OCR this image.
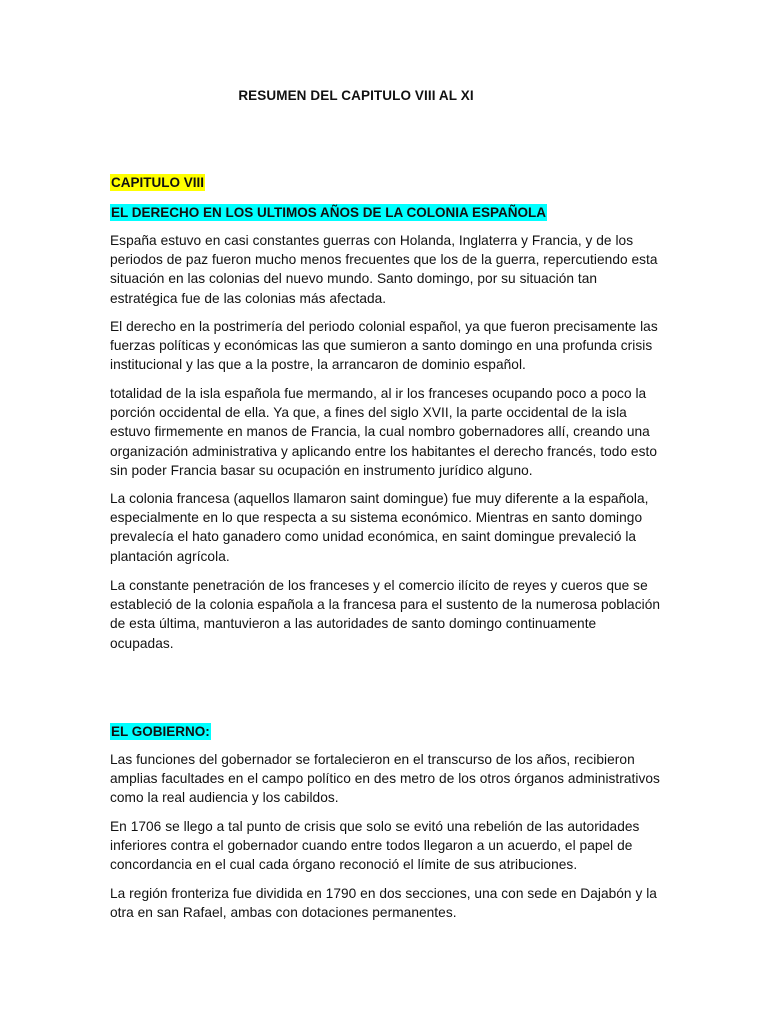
RESUMEN DEL CAPITULO VIII AL XI
CAPITULO VIII
EL DERECHO EN LOS ULTIMOS AÑOS DE LA COLONIA ESPAÑOLA

España estuvo en casi constantes guerras con Holanda, Inglaterra y Francia, y de los periodos de paz fueron mucho menos frecuentes que los de la guerra, repercutiendo esta situación en las colonias del nuevo mundo. Santo domingo, por su situación tan estratégica fue de las colonias más afectada.

El derecho en la postrimería del periodo colonial español, ya que fueron precisamente las fuerzas políticas y económicas las que sumieron a santo domingo en una profunda crisis institucional y las que a la postre, la arrancaron de dominio español.

totalidad de la isla española fue mermando, al ir los franceses ocupando poco a poco la porción occidental de ella. Ya que, a fines del siglo XVII, la parte occidental de la isla estuvo firmemente en manos de Francia, la cual nombro gobernadores allí, creando una organización administrativa y aplicando entre los habitantes el derecho francés, todo esto sin poder Francia basar su ocupación en instrumento jurídico alguno.

La colonia francesa (aquellos llamaron saint domingue) fue muy diferente a la española, especialmente en lo que respecta a su sistema económico. Mientras en santo domingo prevalecía el hato ganadero como unidad económica, en saint domingue prevaleció la plantación agrícola.

La constante penetración de los franceses y el comercio ilícito de reyes y cueros que se estableció de la colonia española a la francesa para el sustento de la numerosa población de esta última, mantuvieron a las autoridades de santo domingo continuamente ocupadas.

EL GOBIERNO:

Las funciones del gobernador se fortalecieron en el transcurso de los años, recibieron amplias facultades en el campo político en des metro de los otros órganos administrativos como la real audiencia y los cabildos.

En 1706 se llego a tal punto de crisis que solo se evitó una rebelión de las autoridades inferiores contra el gobernador cuando entre todos llegaron a un acuerdo, el papel de concordancia en el cual cada órgano reconoció el límite de sus atribuciones.

La región fronteriza fue dividida en 1790 en dos secciones, una con sede en Dajabón y la otra en san Rafael, ambas con dotaciones permanentes.
